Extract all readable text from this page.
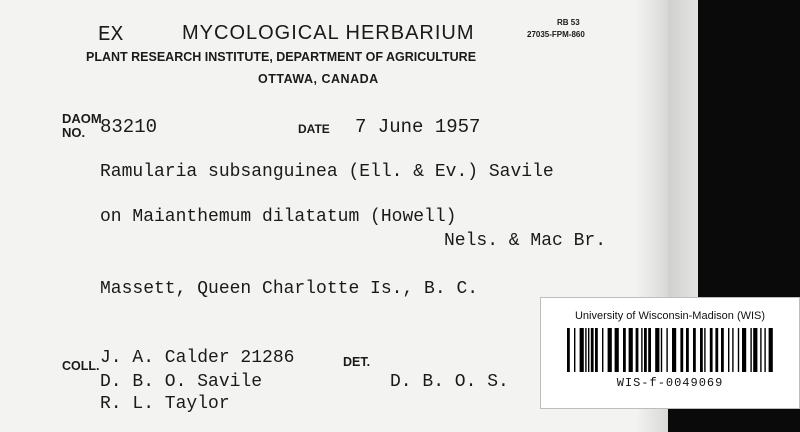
EX	MYCOLOGICAL HERBARIUM	RB 53
27035-FPM-860
PLANT RESEARCH INSTITUTE, DEPARTMENT OF AGRICULTURE
OTTAWA, CANADA
DAOM
NO. 83210	DATE 7 June 1957
Ramularia subsanguinea (Ell. & Ev.) Savile
on Maianthemum dilatatum (Howell)
Nels. & Mac Br.
Massett, Queen Charlotte Is., B. C.
COLL. J. A. Calder 21286
D. B. O. Savile
R. L. Taylor
DET.
D. B. O. S.
University of Wisconsin-Madison (WIS)
WIS-f-0049069
